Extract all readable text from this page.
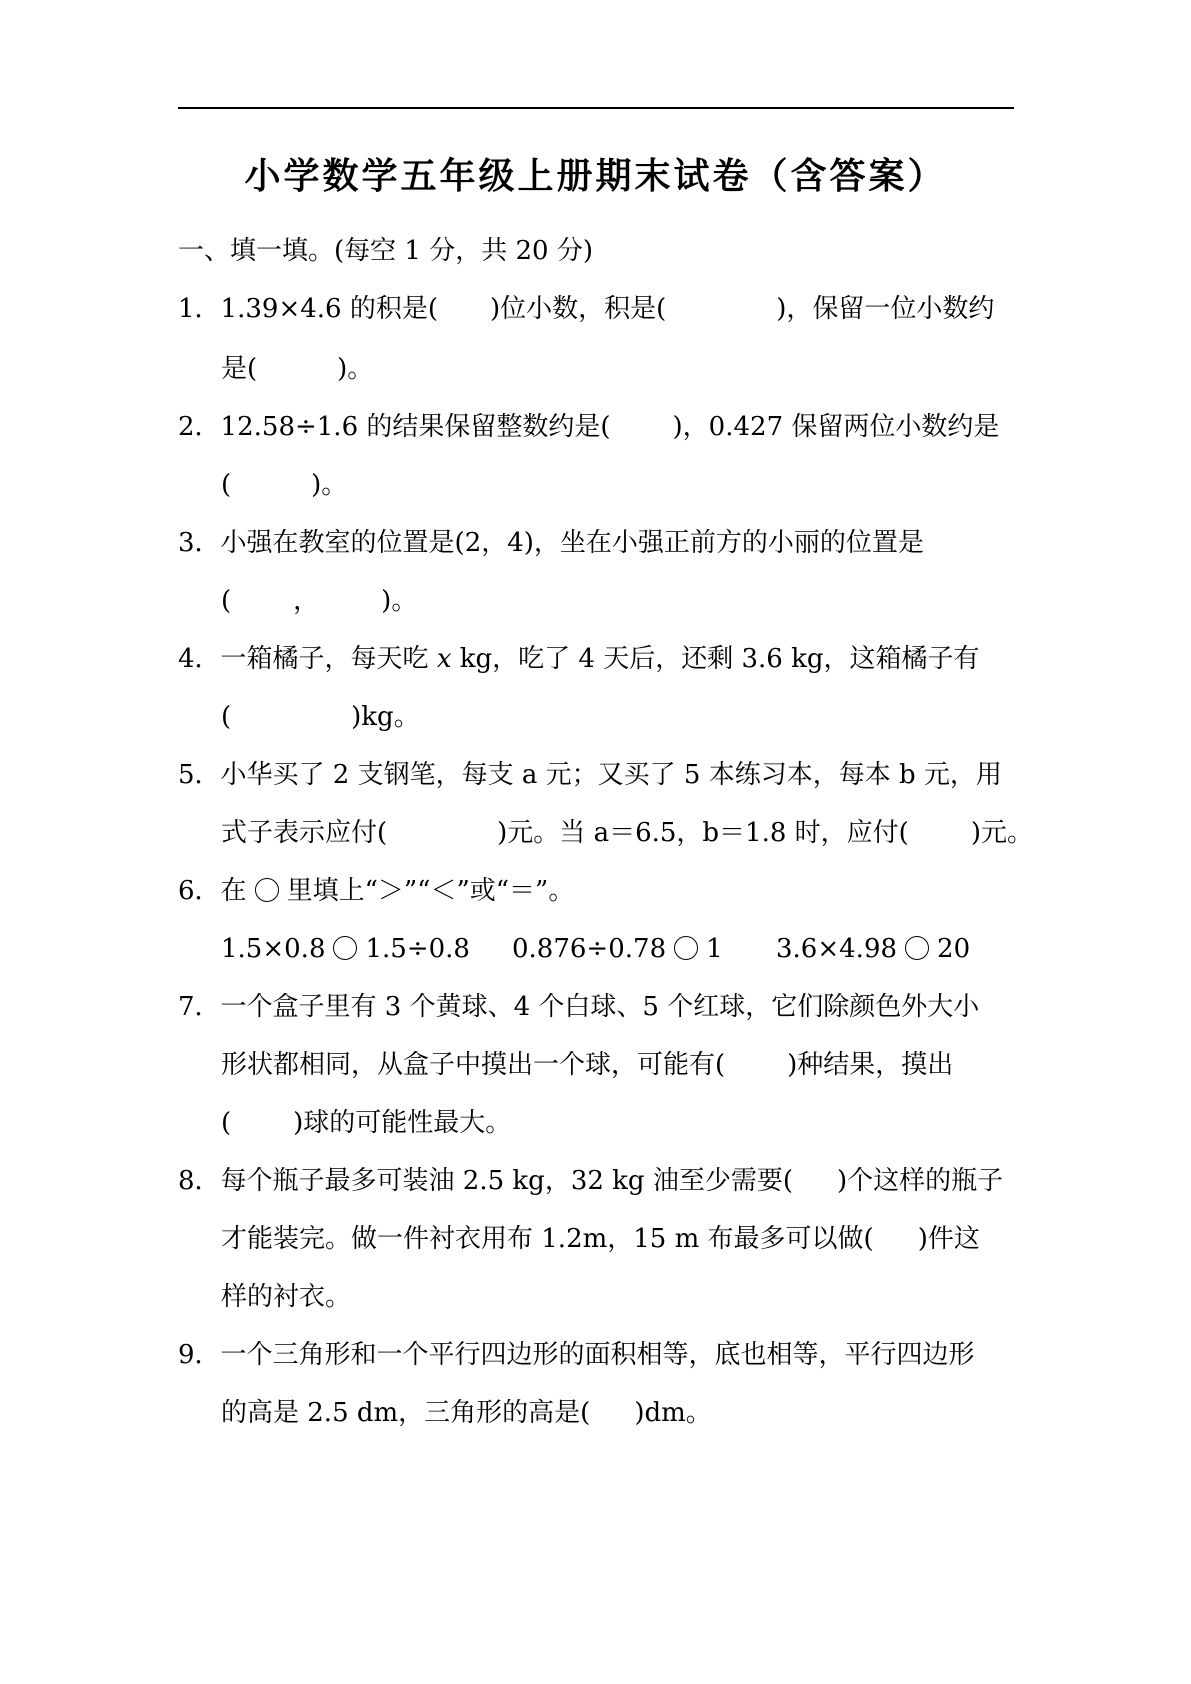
小学数学五年级上册期末试卷（含答案）
一、填一填。(每空 1 分，共 20 分)
1．1.39×4.6 的积是( )位小数，积是(	)，保留一位小数约
是(	)。
2．12.58÷1.6 的结果保留整数约是( )，0.427 保留两位小数约是
(	)。
3．小强在教室的位置是(2，4)，坐在小强正前方的小丽的位置是
( ， )。
4．一箱橘子，每天吃 x kg，吃了 4 天后，还剩 3.6 kg，这箱橘子有
(	)kg。
5．小华买了 2 支钢笔，每支 a 元；又买了 5 本练习本，每本 b 元，用
式子表示应付(	)元。当 a＝6.5，b＝1.8 时，应付( )元。
6．在 里填上“＞”“＜”或“＝”。
1.5×0.8 1.5÷0.8 0.876÷0.78 1 3.6×4.98 20
7．一个盒子里有 3 个黄球、4 个白球、5 个红球，它们除颜色外大小
形状都相同，从盒子中摸出一个球，可能有( )种结果，摸出
( )球的可能性最大。
8．每个瓶子最多可装油 2.5 kg，32 kg 油至少需要( )个这样的瓶子
才能装完。做一件衬衣用布 1.2m，15 m 布最多可以做( )件这
样的衬衣。
9．一个三角形和一个平行四边形的面积相等，底也相等，平行四边形
的高是 2.5 dm，三角形的高是( )dm。
